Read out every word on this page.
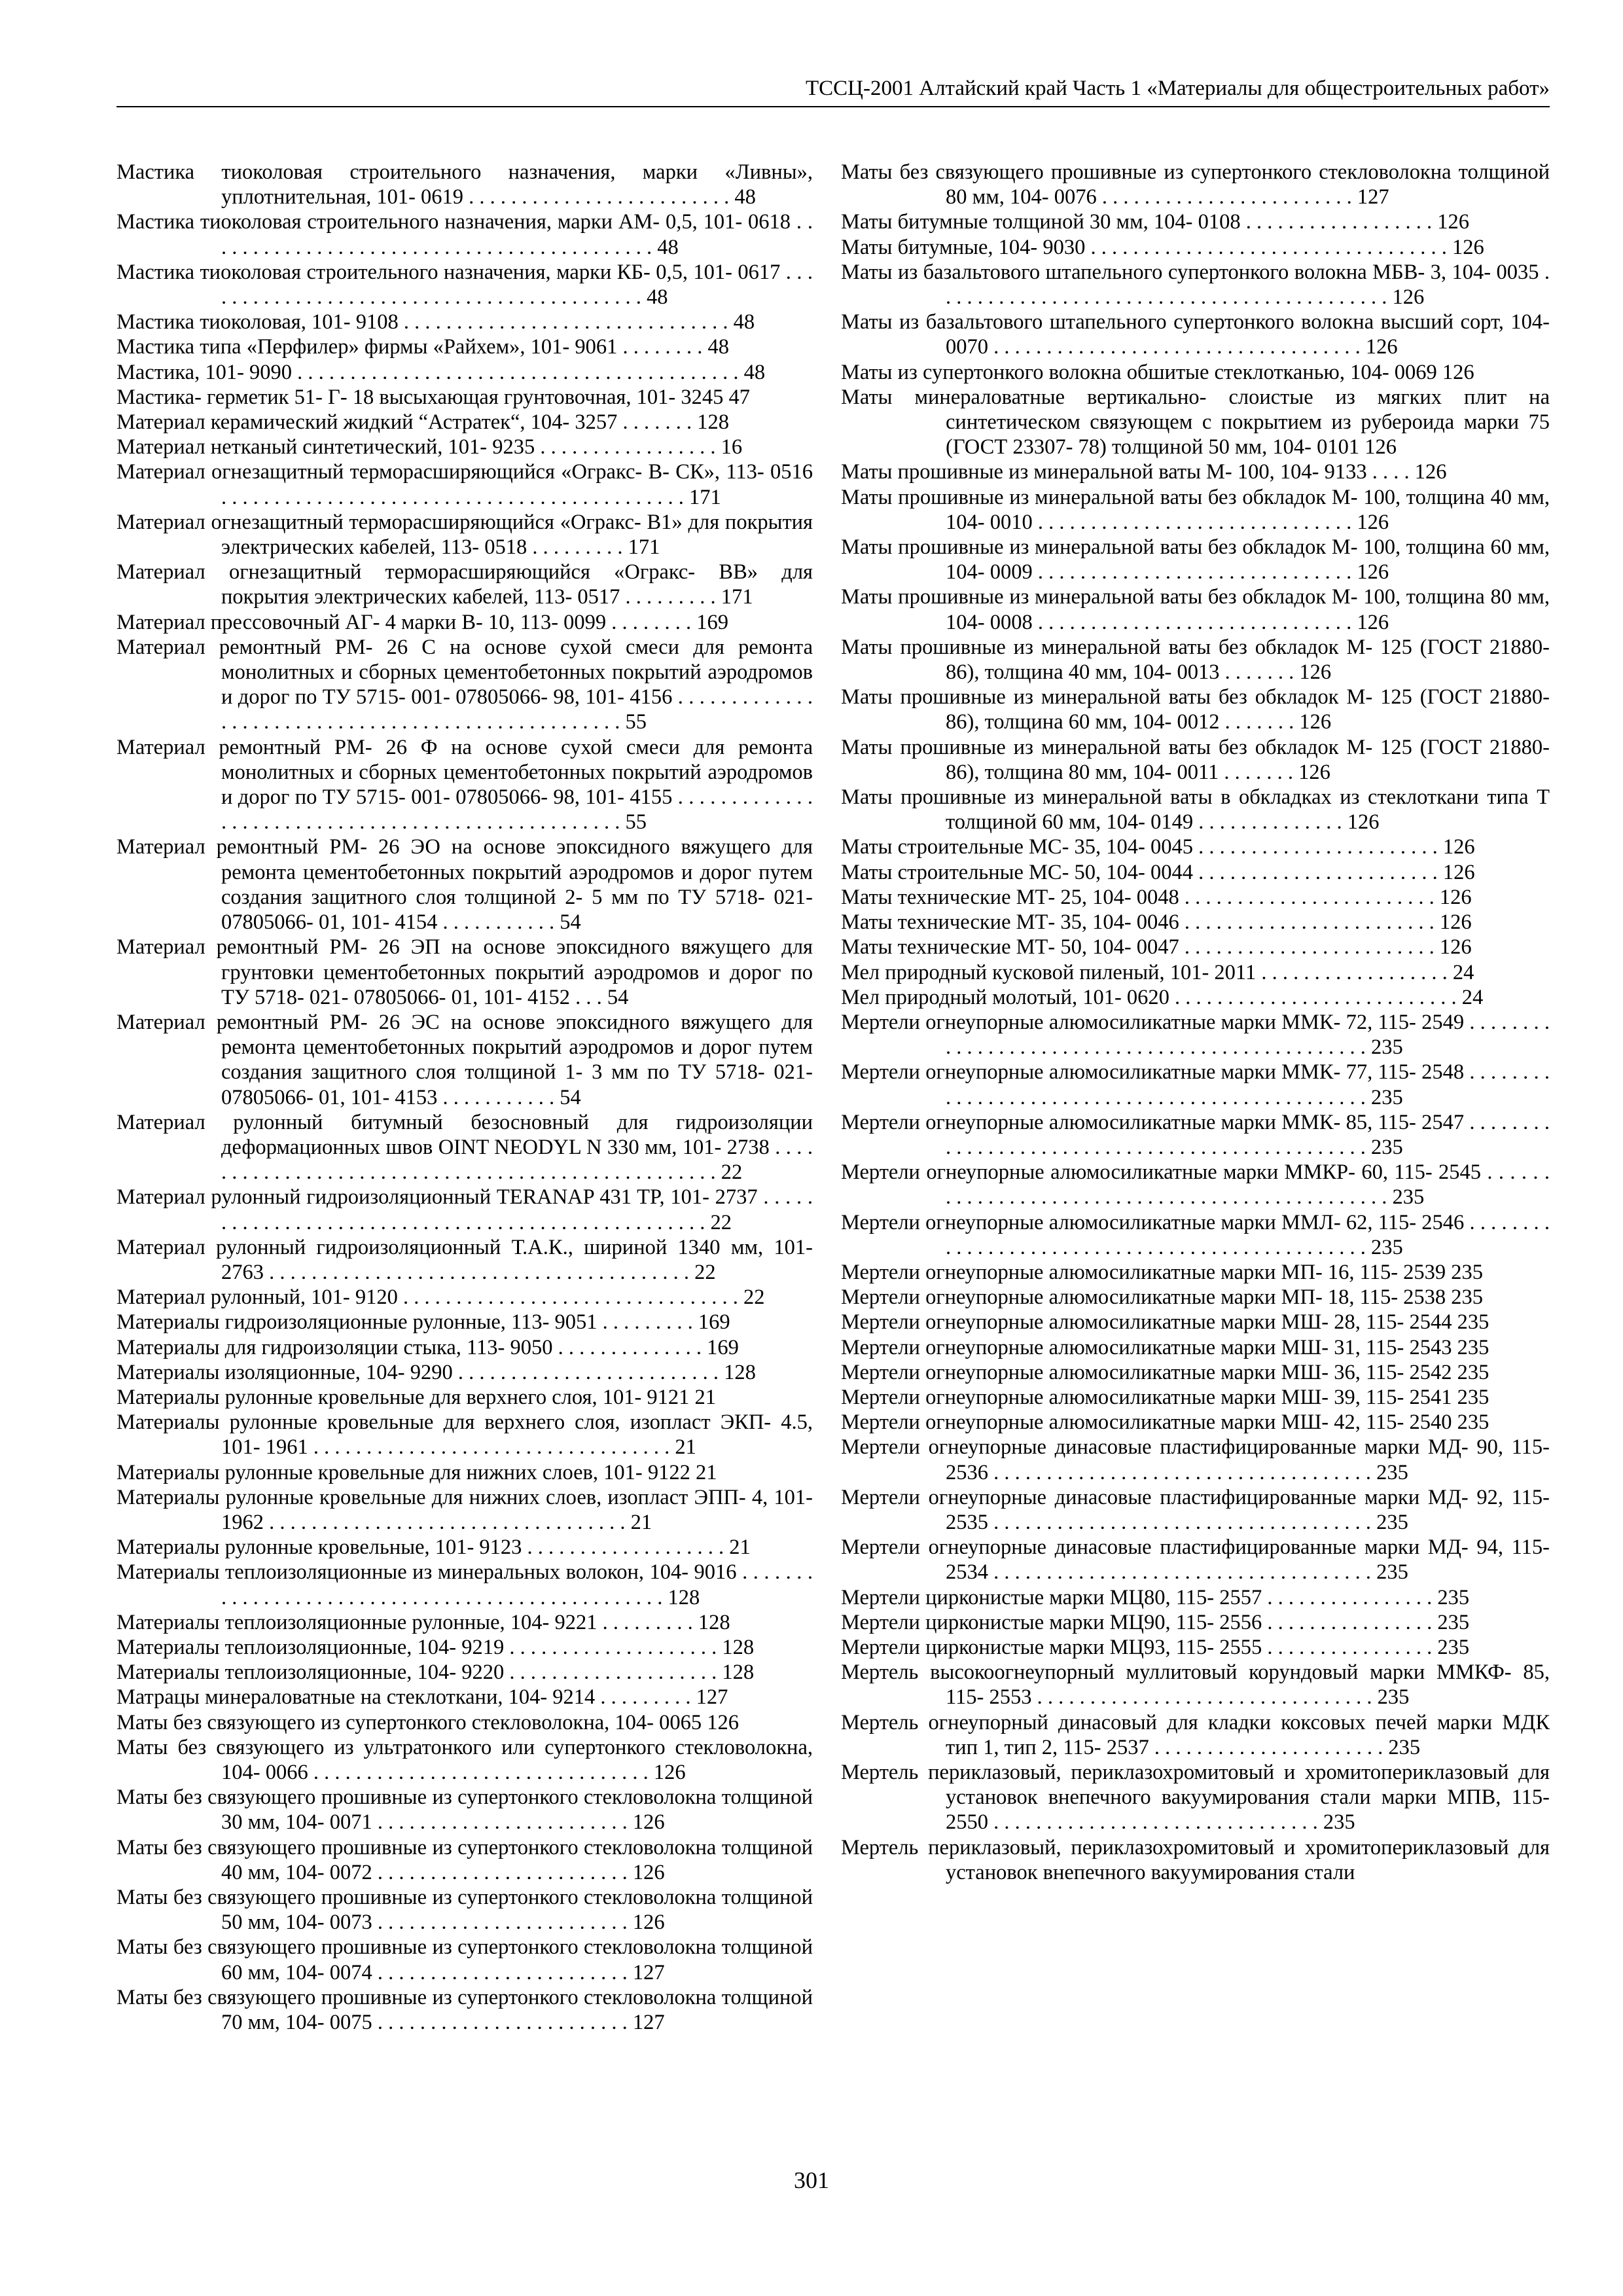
ТССЦ-2001 Алтайский край Часть 1 «Материалы для общестроительных работ»

Мастика тиоколовая строительного назначения, марки «Ливны», уплотнительная, 101- 0619 . . . . . . . . . . . . . . . . . . . . . . . . . 48

Мастика тиоколовая строительного назначения, марки АМ- 0,5, 101- 0618 . . . . . . . . . . . . . . . . . . . . . . . . . . . . . . . . . . . . . . . . . . . 48

Мастика тиоколовая строительного назначения, марки КБ- 0,5, 101- 0617 . . . . . . . . . . . . . . . . . . . . . . . . . . . . . . . . . . . . . . . . . . . 48

Мастика тиоколовая, 101- 9108 . . . . . . . . . . . . . . . . . . . . . . . . . . . . . . . 48

Мастика типа «Перфилер» фирмы «Райхем», 101- 9061 . . . . . . . . 48

Мастика, 101- 9090 . . . . . . . . . . . . . . . . . . . . . . . . . . . . . . . . . . . . . . . . . . 48

Мастика- герметик 51- Г- 18 высыхающая грунтовочная, 101- 3245 47

Материал керамический жидкий “Астратек“, 104- 3257 . . . . . . . 128

Материал нетканый синтетический, 101- 9235 . . . . . . . . . . . . . . . . . 16

Материал огнезащитный терморасширяющийся «Огракс- В- СК», 113- 0516 . . . . . . . . . . . . . . . . . . . . . . . . . . . . . . . . . . . . . . . . . . . . 171

Материал огнезащитный терморасширяющийся «Огракс- В1» для покрытия электрических кабелей, 113- 0518 . . . . . . . . . 171

Материал огнезащитный терморасширяющийся «Огракс- ВВ» для покрытия электрических кабелей, 113- 0517 . . . . . . . . . 171

Материал прессовочный АГ- 4 марки В- 10, 113- 0099 . . . . . . . . 169

Материал ремонтный РМ- 26 С на основе сухой смеси для ремонта монолитных и сборных цементобетонных покрытий аэродромов и дорог по ТУ 5715- 001- 07805066- 98, 101- 4156 . . . . . . . . . . . . . . . . . . . . . . . . . . . . . . . . . . . . . . . . . . . . . . . . . . . 55

Материал ремонтный РМ- 26 Ф на основе сухой смеси для ремонта монолитных и сборных цементобетонных покрытий аэродромов и дорог по ТУ 5715- 001- 07805066- 98, 101- 4155 . . . . . . . . . . . . . . . . . . . . . . . . . . . . . . . . . . . . . . . . . . . . . . . . . . . 55

Материал ремонтный РМ- 26 ЭО на основе эпоксидного вяжущего для ремонта цементобетонных покрытий аэродромов и дорог путем создания защитного слоя толщиной 2- 5 мм по ТУ 5718- 021- 07805066- 01, 101- 4154 . . . . . . . . . . . 54

Материал ремонтный РМ- 26 ЭП на основе эпоксидного вяжущего для грунтовки цементобетонных покрытий аэродромов и дорог по ТУ 5718- 021- 07805066- 01, 101- 4152 . . . 54

Материал ремонтный РМ- 26 ЭС на основе эпоксидного вяжущего для ремонта цементобетонных покрытий аэродромов и дорог путем создания защитного слоя толщиной 1- 3 мм по ТУ 5718- 021- 07805066- 01, 101- 4153 . . . . . . . . . . . 54

Материал рулонный битумный безосновный для гидроизоляции деформационных швов OINT NEODYL N 330 мм, 101- 2738 . . . . . . . . . . . . . . . . . . . . . . . . . . . . . . . . . . . . . . . . . . . . . . . . . . . 22

Материал рулонный гидроизоляционный TERANAP 431 TP, 101- 2737 . . . . . . . . . . . . . . . . . . . . . . . . . . . . . . . . . . . . . . . . . . . . . . . . . . . 22

Материал рулонный гидроизоляционный Т.А.К., шириной 1340 мм, 101- 2763 . . . . . . . . . . . . . . . . . . . . . . . . . . . . . . . . . . . . . . . . 22

Материал рулонный, 101- 9120 . . . . . . . . . . . . . . . . . . . . . . . . . . . . . . . . 22

Материалы гидроизоляционные рулонные, 113- 9051 . . . . . . . . . 169

Материалы для гидроизоляции стыка, 113- 9050 . . . . . . . . . . . . . . 169

Материалы изоляционные, 104- 9290 . . . . . . . . . . . . . . . . . . . . . . . . . 128

Материалы рулонные кровельные для верхнего слоя, 101- 9121 21

Материалы рулонные кровельные для верхнего слоя, изопласт ЭКП- 4.5, 101- 1961 . . . . . . . . . . . . . . . . . . . . . . . . . . . . . . . . . . 21

Материалы рулонные кровельные для нижних слоев, 101- 9122 21

Материалы рулонные кровельные для нижних слоев, изопласт ЭПП- 4, 101- 1962 . . . . . . . . . . . . . . . . . . . . . . . . . . . . . . . . . . 21

Материалы рулонные кровельные, 101- 9123 . . . . . . . . . . . . . . . . . . . 21

Материалы теплоизоляционные из минеральных волокон, 104- 9016 . . . . . . . . . . . . . . . . . . . . . . . . . . . . . . . . . . . . . . . . . . . . . . . . . 128

Материалы теплоизоляционные рулонные, 104- 9221 . . . . . . . . . 128

Материалы теплоизоляционные, 104- 9219 . . . . . . . . . . . . . . . . . . . . 128

Материалы теплоизоляционные, 104- 9220 . . . . . . . . . . . . . . . . . . . . 128

Матрацы минераловатные на стеклоткани, 104- 9214 . . . . . . . . . 127

Маты без связующего из супертонкого стекловолокна, 104- 0065 126

Маты без связующего из ультратонкого или супертонкого стекловолокна, 104- 0066 . . . . . . . . . . . . . . . . . . . . . . . . . . . . . . . . 126

Маты без связующего прошивные из супертонкого стекловолокна толщиной 30 мм, 104- 0071 . . . . . . . . . . . . . . . . . . . . . . . . 126

Маты без связующего прошивные из супертонкого стекловолокна толщиной 40 мм, 104- 0072 . . . . . . . . . . . . . . . . . . . . . . . . 126

Маты без связующего прошивные из супертонкого стекловолокна толщиной 50 мм, 104- 0073 . . . . . . . . . . . . . . . . . . . . . . . . 126

Маты без связующего прошивные из супертонкого стекловолокна толщиной 60 мм, 104- 0074 . . . . . . . . . . . . . . . . . . . . . . . . 127

Маты без связующего прошивные из супертонкого стекловолокна толщиной 70 мм, 104- 0075 . . . . . . . . . . . . . . . . . . . . . . . . 127

Маты без связующего прошивные из супертонкого стекловолокна толщиной 80 мм, 104- 0076 . . . . . . . . . . . . . . . . . . . . . . . . 127

Маты битумные толщиной 30 мм, 104- 0108 . . . . . . . . . . . . . . . . . . 126

Маты битумные, 104- 9030 . . . . . . . . . . . . . . . . . . . . . . . . . . . . . . . . . . 126

Маты из базальтового штапельного супертонкого волокна МБВ- 3, 104- 0035 . . . . . . . . . . . . . . . . . . . . . . . . . . . . . . . . . . . . . . . . . . . 126

Маты из базальтового штапельного супертонкого волокна высший сорт, 104- 0070 . . . . . . . . . . . . . . . . . . . . . . . . . . . . . . . . . . . 126

Маты из супертонкого волокна обшитые стеклотканью, 104- 0069 126

Маты минераловатные вертикально- слоистые из мягких плит на синтетическом связующем с покрытием из рубероида марки 75 (ГОСТ 23307- 78) толщиной 50 мм, 104- 0101 126

Маты прошивные из минеральной ваты М- 100, 104- 9133 . . . . 126

Маты прошивные из минеральной ваты без обкладок М- 100, толщина 40 мм, 104- 0010 . . . . . . . . . . . . . . . . . . . . . . . . . . . . . . 126

Маты прошивные из минеральной ваты без обкладок М- 100, толщина 60 мм, 104- 0009 . . . . . . . . . . . . . . . . . . . . . . . . . . . . . . 126

Маты прошивные из минеральной ваты без обкладок М- 100, толщина 80 мм, 104- 0008 . . . . . . . . . . . . . . . . . . . . . . . . . . . . . . 126

Маты прошивные из минеральной ваты без обкладок М- 125 (ГОСТ 21880- 86), толщина 40 мм, 104- 0013 . . . . . . . 126

Маты прошивные из минеральной ваты без обкладок М- 125 (ГОСТ 21880- 86), толщина 60 мм, 104- 0012 . . . . . . . 126

Маты прошивные из минеральной ваты без обкладок М- 125 (ГОСТ 21880- 86), толщина 80 мм, 104- 0011 . . . . . . . 126

Маты прошивные из минеральной ваты в обкладках из стеклоткани типа Т толщиной 60 мм, 104- 0149 . . . . . . . . . . . . . . 126

Маты строительные МС- 35, 104- 0045 . . . . . . . . . . . . . . . . . . . . . . . 126

Маты строительные МС- 50, 104- 0044 . . . . . . . . . . . . . . . . . . . . . . . 126

Маты технические МТ- 25, 104- 0048 . . . . . . . . . . . . . . . . . . . . . . . . 126

Маты технические МТ- 35, 104- 0046 . . . . . . . . . . . . . . . . . . . . . . . . 126

Маты технические МТ- 50, 104- 0047 . . . . . . . . . . . . . . . . . . . . . . . . 126

Мел природный кусковой пиленый, 101- 2011 . . . . . . . . . . . . . . . . . . 24

Мел природный молотый, 101- 0620 . . . . . . . . . . . . . . . . . . . . . . . . . . . 24

Мертели огнеупорные алюмосиликатные марки ММК- 72, 115- 2549 . . . . . . . . . . . . . . . . . . . . . . . . . . . . . . . . . . . . . . . . . . . . . . . . 235

Мертели огнеупорные алюмосиликатные марки ММК- 77, 115- 2548 . . . . . . . . . . . . . . . . . . . . . . . . . . . . . . . . . . . . . . . . . . . . . . . . 235

Мертели огнеупорные алюмосиликатные марки ММК- 85, 115- 2547 . . . . . . . . . . . . . . . . . . . . . . . . . . . . . . . . . . . . . . . . . . . . . . . . 235

Мертели огнеупорные алюмосиликатные марки ММКР- 60, 115- 2545 . . . . . . . . . . . . . . . . . . . . . . . . . . . . . . . . . . . . . . . . . . . . . . . . 235

Мертели огнеупорные алюмосиликатные марки ММЛ- 62, 115- 2546 . . . . . . . . . . . . . . . . . . . . . . . . . . . . . . . . . . . . . . . . . . . . . . . . 235

Мертели огнеупорные алюмосиликатные марки МП- 16, 115- 2539 235

Мертели огнеупорные алюмосиликатные марки МП- 18, 115- 2538 235

Мертели огнеупорные алюмосиликатные марки МШ- 28, 115- 2544 235

Мертели огнеупорные алюмосиликатные марки МШ- 31, 115- 2543 235

Мертели огнеупорные алюмосиликатные марки МШ- 36, 115- 2542 235

Мертели огнеупорные алюмосиликатные марки МШ- 39, 115- 2541 235

Мертели огнеупорные алюмосиликатные марки МШ- 42, 115- 2540 235

Мертели огнеупорные динасовые пластифицированные марки МД- 90, 115- 2536 . . . . . . . . . . . . . . . . . . . . . . . . . . . . . . . . . . . . 235

Мертели огнеупорные динасовые пластифицированные марки МД- 92, 115- 2535 . . . . . . . . . . . . . . . . . . . . . . . . . . . . . . . . . . . . 235

Мертели огнеупорные динасовые пластифицированные марки МД- 94, 115- 2534 . . . . . . . . . . . . . . . . . . . . . . . . . . . . . . . . . . . . 235

Мертели цирконистые марки МЦ80, 115- 2557 . . . . . . . . . . . . . . . . 235

Мертели цирконистые марки МЦ90, 115- 2556 . . . . . . . . . . . . . . . . 235

Мертели цирконистые марки МЦ93, 115- 2555 . . . . . . . . . . . . . . . . 235

Мертель высокоогнеупорный муллитовый корундовый марки ММКФ- 85, 115- 2553 . . . . . . . . . . . . . . . . . . . . . . . . . . . . . . . . 235

Мертель огнеупорный динасовый для кладки коксовых печей марки МДК тип 1, тип 2, 115- 2537 . . . . . . . . . . . . . . . . . . . . . . 235

Мертель периклазовый, периклазохромитовый и хромитопериклазовый для установок внепечного вакуумирования стали марки МПВ, 115- 2550 . . . . . . . . . . . . . . . . . . . . . . . . . . . . . . . 235

Мертель периклазовый, периклазохромитовый и хромитопериклазовый для установок внепечного вакуумирования стали

301
